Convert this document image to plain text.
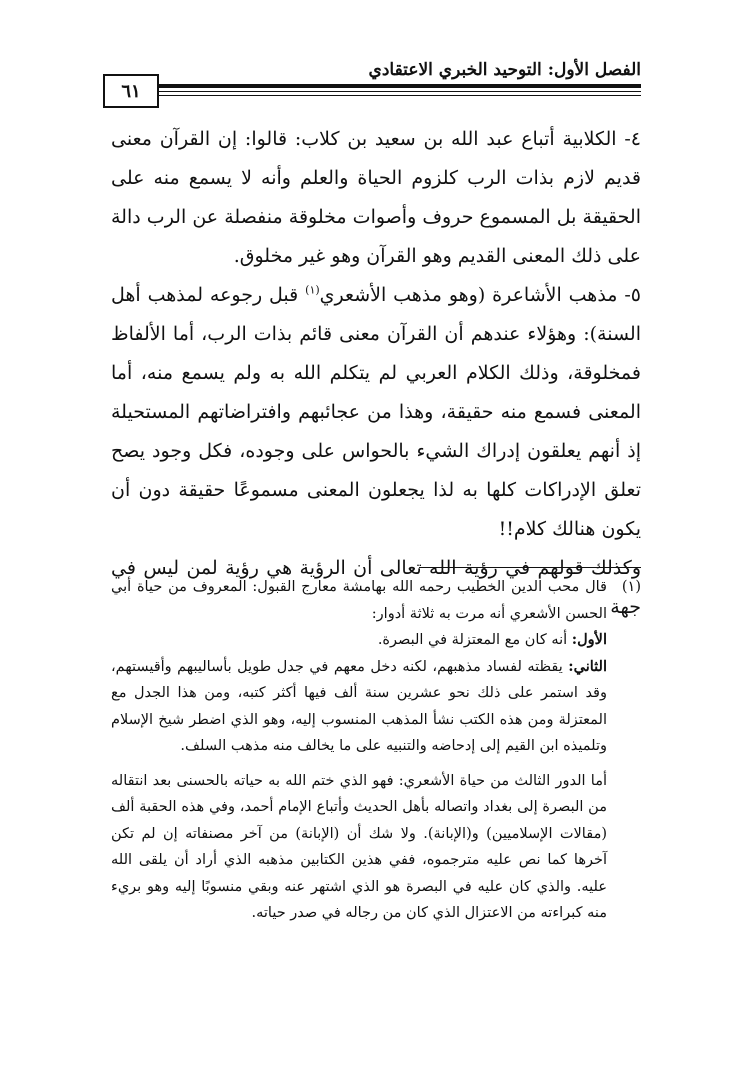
الفصل الأول: التوحيد الخبري الاعتقادي
٦١

٤- الكلابية أتباع عبد الله بن سعيد بن كلاب: قالوا: إن القرآن معنى قديم لازم بذات الرب كلزوم الحياة والعلم وأنه لا يسمع منه على الحقيقة بل المسموع حروف وأصوات مخلوقة منفصلة عن الرب دالة على ذلك المعنى القديم وهو القرآن وهو غير مخلوق.

٥- مذهب الأشاعرة (وهو مذهب الأشعري$^{(١)}$ قبل رجوعه لمذهب أهل السنة): وهؤلاء عندهم أن القرآن معنى قائم بذات الرب، أما الألفاظ فمخلوقة، وذلك الكلام العربي لم يتكلم الله به ولم يسمع منه، أما المعنى فسمع منه حقيقة، وهذا من عجائبهم وافتراضاتهم المستحيلة إذ أنهم يعلقون إدراك الشيء بالحواس على وجوده، فكل وجود يصح تعلق الإدراكات كلها به لذا يجعلون المعنى مسموعًا حقيقة دون أن يكون هنالك كلام!!

وكذلك قولهم في رؤية الله تعالى أن الرؤية هي رؤية لمن ليس في جهة

(١)

قال محب الدين الخطيب رحمه الله بهامشة معارج القبول: المعروف من حياة أبي الحسن الأشعري أنه مرت به ثلاثة أدوار:

الأول: أنه كان مع المعتزلة في البصرة.

الثاني: يقظته لفساد مذهبهم، لكنه دخل معهم في جدل طويل بأساليبهم وأقيستهم، وقد استمر على ذلك نحو عشرين سنة ألف فيها أكثر كتبه، ومن هذا الجدل مع المعتزلة ومن هذه الكتب نشأ المذهب المنسوب إليه، وهو الذي اضطر شيخ الإسلام وتلميذه ابن القيم إلى إدحاضه والتنبيه على ما يخالف منه مذهب السلف.

أما الدور الثالث من حياة الأشعري: فهو الذي ختم الله به حياته بالحسنى بعد انتقاله من البصرة إلى بغداد واتصاله بأهل الحديث وأتباع الإمام أحمد، وفي هذه الحقبة ألف (مقالات الإسلاميين) و(الإبانة). ولا شك أن (الإبانة) من آخر مصنفاته إن لم تكن آخرها كما نص عليه مترجموه، ففي هذين الكتابين مذهبه الذي أراد أن يلقى الله عليه. والذي كان عليه في البصرة هو الذي اشتهر عنه وبقي منسوبًا إليه وهو بريء منه كبراءته من الاعتزال الذي كان من رجاله في صدر حياته.
